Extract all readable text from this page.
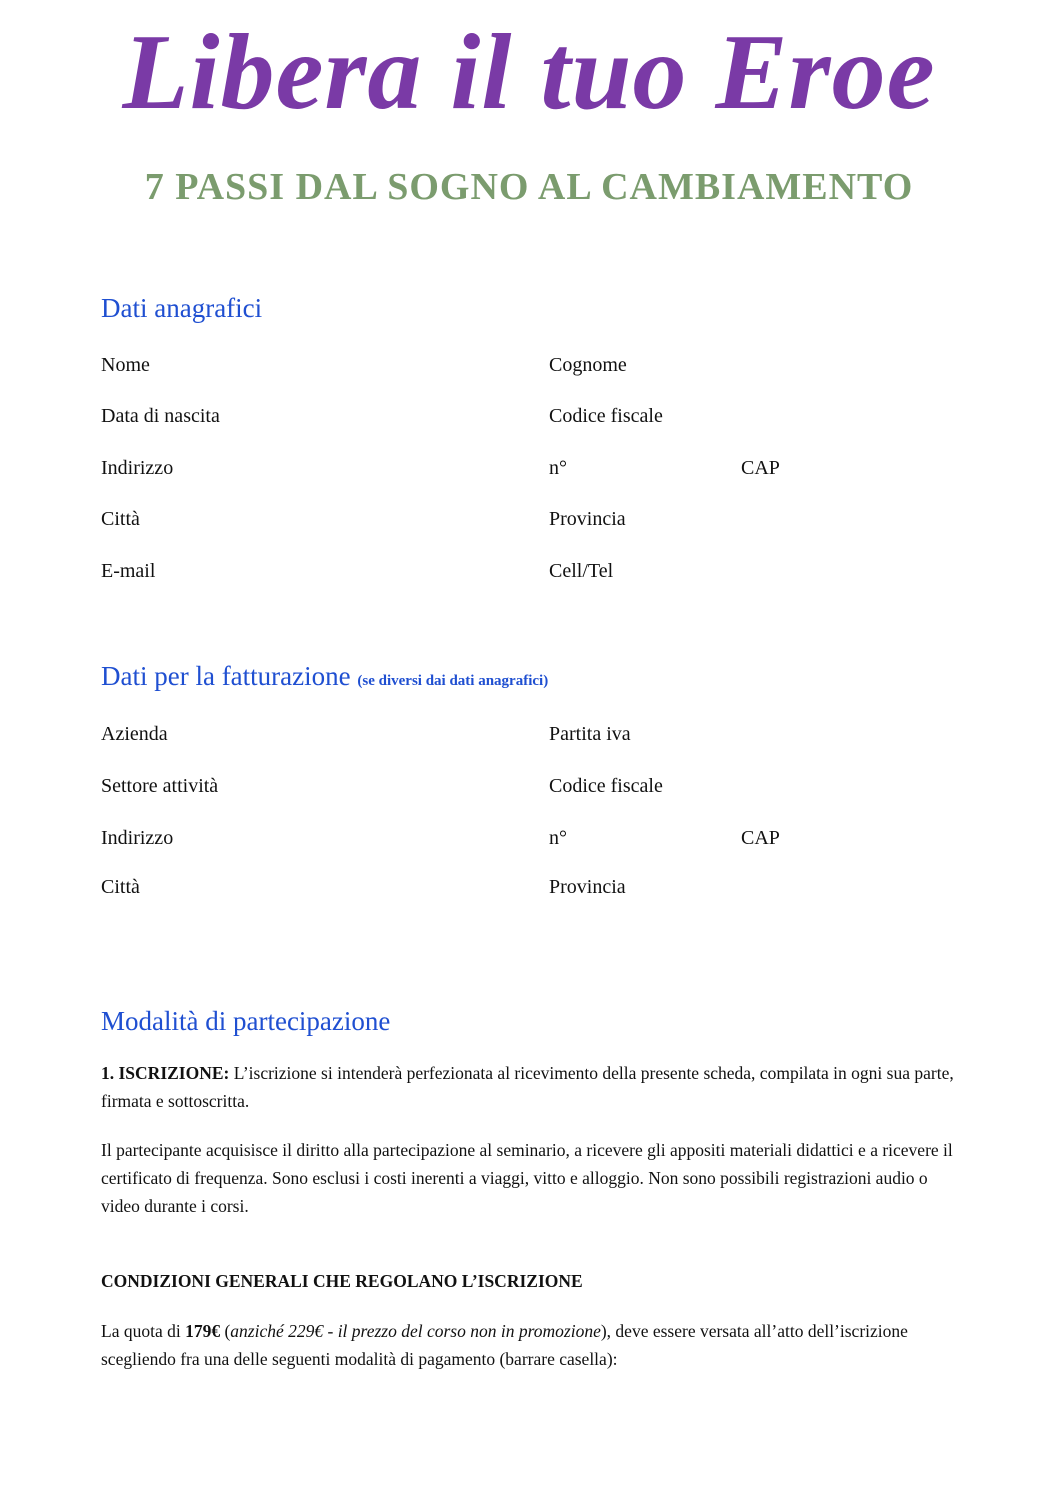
Libera il tuo Eroe
7 PASSI DAL SOGNO AL CAMBIAMENTO
Dati anagrafici
Nome	Cognome
Data di nascita	Codice fiscale
Indirizzo	n°	CAP
Città	Provincia
E-mail	Cell/Tel
Dati per la fatturazione (se diversi dai dati anagrafici)
Azienda	Partita iva
Settore attività	Codice fiscale
Indirizzo	n°	CAP
Città	Provincia
Modalità di partecipazione

1. ISCRIZIONE: L’iscrizione si intenderà perfezionata al ricevimento della presente scheda, compilata in ogni sua parte, firmata e sottoscritta.

Il partecipante acquisisce il diritto alla partecipazione al seminario, a ricevere gli appositi materiali didattici e a ricevere il certificato di frequenza. Sono esclusi i costi inerenti a viaggi, vitto e alloggio. Non sono possibili registrazioni audio o video durante i corsi.

CONDIZIONI GENERALI CHE REGOLANO L’ISCRIZIONE

La quota di 179€ (anziché 229€ - il prezzo del corso non in promozione), deve essere versata all’atto dell’iscrizione scegliendo fra una delle seguenti modalità di pagamento (barrare casella):
